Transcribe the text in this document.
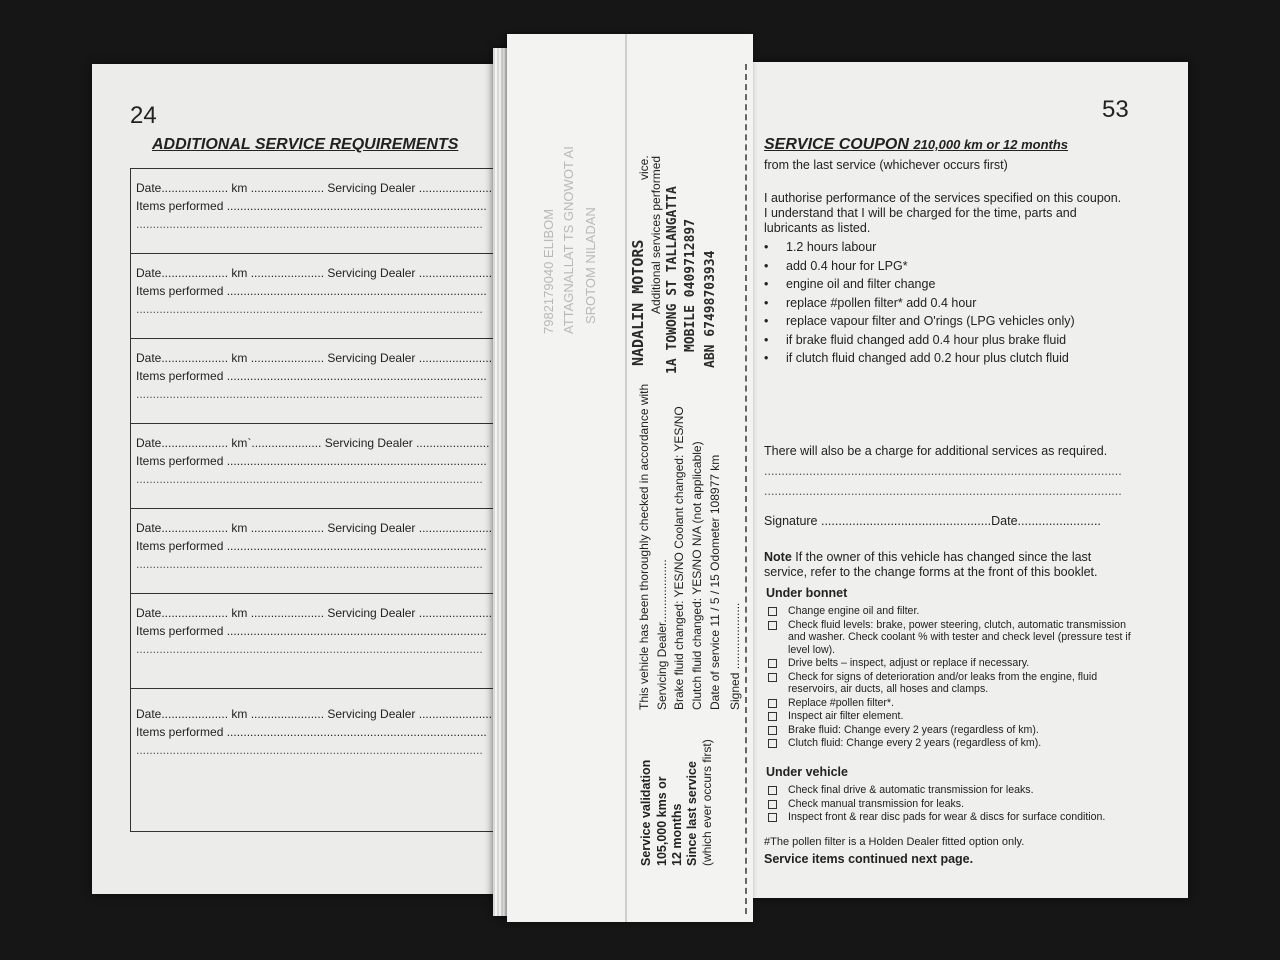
24
ADDITIONAL SERVICE REQUIREMENTS
Date.................... km ...................... Servicing Dealer ......................
Items performed ..............................................................................
........................................................................................................
Date.................... km ...................... Servicing Dealer ......................
Items performed ..............................................................................
........................................................................................................
Date.................... km ...................... Servicing Dealer ......................
Items performed ..............................................................................
........................................................................................................
Date.................... km`..................... Servicing Dealer ......................
Items performed ..............................................................................
........................................................................................................
Date.................... km ...................... Servicing Dealer ......................
Items performed ..............................................................................
........................................................................................................
Date.................... km ...................... Servicing Dealer ......................
Items performed ..............................................................................
........................................................................................................
Date.................... km ...................... Servicing Dealer ......................
Items performed ..............................................................................
........................................................................................................
53
SERVICE COUPON 210,000 km or 12 months
from the last service (whichever occurs first)
I authorise performance of the services specified on this coupon.
I understand that I will be charged for the time, parts and
lubricants as listed.
• 1.2 hours labour
• add 0.4 hour for LPG*
• engine oil and filter change
• replace #pollen filter* add 0.4 hour
• replace vapour filter and O'rings (LPG vehicles only)
• if brake fluid changed add 0.4 hour plus brake fluid
• if clutch fluid changed add 0.2 hour plus clutch fluid
There will also be a charge for additional services as required.
.......................................................................................................
.......................................................................................................
Signature .................................................Date........................
Note If the owner of this vehicle has changed since the last
service, refer to the change forms at the front of this booklet.
Under bonnet
Change engine oil and filter.
Check fluid levels: brake, power steering, clutch, automatic transmission and washer. Check coolant % with tester and check level (pressure test if level low).
Drive belts – inspect, adjust or replace if necessary.
Check for signs of deterioration and/or leaks from the engine, fluid reservoirs, air ducts, all hoses and clamps.
Replace #pollen filter*.
Inspect air filter element.
Brake fluid: Change every 2 years (regardless of km).
Clutch fluid: Change every 2 years (regardless of km).
Under vehicle
Check final drive & automatic transmission for leaks.
Check manual transmission for leaks.
Inspect front & rear disc pads for wear & discs for surface condition.
#The pollen filter is a Holden Dealer fitted option only.
Service items continued next page.
ATTAGNALLAT TS GNOWOT AI SROTOM NILADAN
7982179040 ELIBOM
Service validation 105,000 kms or 12 months Since last service (which ever occurs first)
This vehicle has been thoroughly checked in accordance with
vice.
Additional services performed
Servicing Dealer................... Brake fluid changed: YES/NO Coolant changed: YES/NO Clutch fluid changed: YES/NO N/A (not applicable) Date of service 11 / 5 / 15 Odometer 108977 km Signed ....................
NADALIN MOTORS 1A TOWONG ST TALLANGATTA MOBILE 0409712897 ABN 67498703934
